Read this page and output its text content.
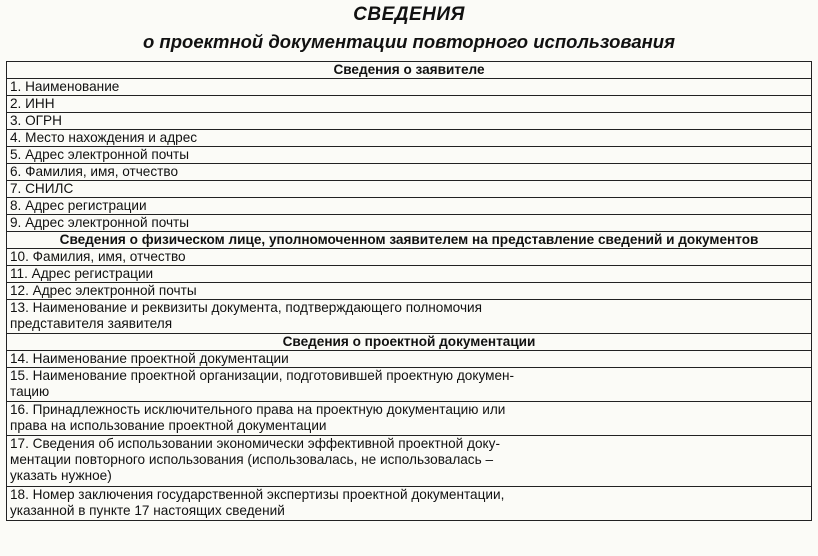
СВЕДЕНИЯ
о проектной документации повторного использования
Сведения о заявителе
1. Наименование
2. ИНН
3. ОГРН
4. Место нахождения и адрес
5. Адрес электронной почты
6. Фамилия, имя, отчество
7. СНИЛС
8. Адрес регистрации
9. Адрес электронной почты
Сведения о физическом лице, уполномоченном заявителем на представление сведений и документов
10. Фамилия, имя, отчество
11. Адрес регистрации
12. Адрес электронной почты

13. Наименование и реквизиты документа, подтверждающего полномочия
представителя заявителя

Сведения о проектной документации
14. Наименование проектной документации

15. Наименование проектной организации, подготовившей проектную докумен-
тацию

16. Принадлежность исключительного права на проектную документацию или
права на использование проектной документации

17. Сведения об использовании экономически эффективной проектной доку-
ментации повторного использования (использовалась, не использовалась –
указать нужное)

18. Номер заключения государственной экспертизы проектной документации,
указанной в пункте 17 настоящих сведений
